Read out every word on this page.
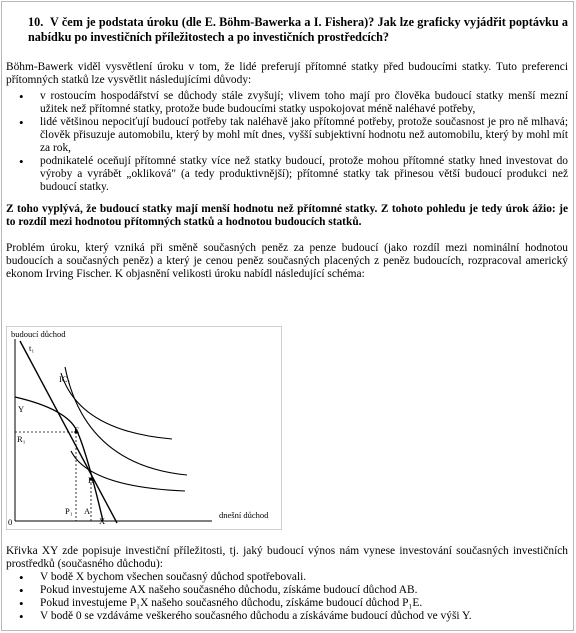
10. V čem je podstata úroku (dle E. Böhm-Bawerka a I. Fishera)? Jak lze graficky vyjádřit poptávku a nabídku po investičních příležitostech a po investičních prostředcích?
Böhm-Bawerk viděl vysvětlení úroku v tom, že lidé preferují přítomné statky před budoucími statky. Tuto preferenci přítomných statků lze vysvětlit následujícími důvody:
• v rostoucím hospodářství se důchody stále zvyšují; vlivem toho mají pro člověka budoucí statky menší mezní užitek než přítomné statky, protože bude budoucími statky uspokojovat méně naléhavé potřeby,
• lidé většinou nepociťují budoucí potřeby tak naléhavě jako přítomné potřeby, protože současnost je pro ně mlhavá; člověk přisuzuje automobilu, který by mohl mít dnes, vyšší subjektivní hodnotu než automobilu, který by mohl mít za rok,
• podnikatelé oceňují přítomné statky více než statky budoucí, protože mohou přítomné statky hned investovat do výroby a vyrábět „okliková" (a tedy produktivnější); přítomné statky tak přinesou větší budoucí produkci než budoucí statky.
Z toho vyplývá, že budoucí statky mají menší hodnotu než přítomné statky. Z tohoto pohledu je tedy úrok ážio: je to rozdíl mezi hodnotou přítomných statků a hodnotou budoucích statků.
Problém úroku, který vzniká při směně současných peněz za penze budoucí (jako rozdíl mezi nominální hodnotou budoucích a současných peněz) a který je cenou peněz současných placených z peněz budoucích, rozpracoval americký ekonom Irving Fischer. K objasnění velikosti úroku nabídl následující schéma:
budoucí důchod
dnešní důchod
0
t₁
IC₁
Y
R₁
E
B
P₁ A
X
Křivka XY zde popisuje investiční příležitosti, tj. jaký budoucí výnos nám vynese investování současných investičních prostředků (současného důchodu):
• V bodě X bychom všechen současný důchod spotřebovali.
• Pokud investujeme AX našeho současného důchodu, získáme budoucí důchod AB.
• Pokud investujeme P₁X našeho současného důchodu, získáme budoucí důchod P₁E.
• V bodě 0 se vzdáváme veškerého současného důchodu a získáváme budoucí důchod ve výši Y.
